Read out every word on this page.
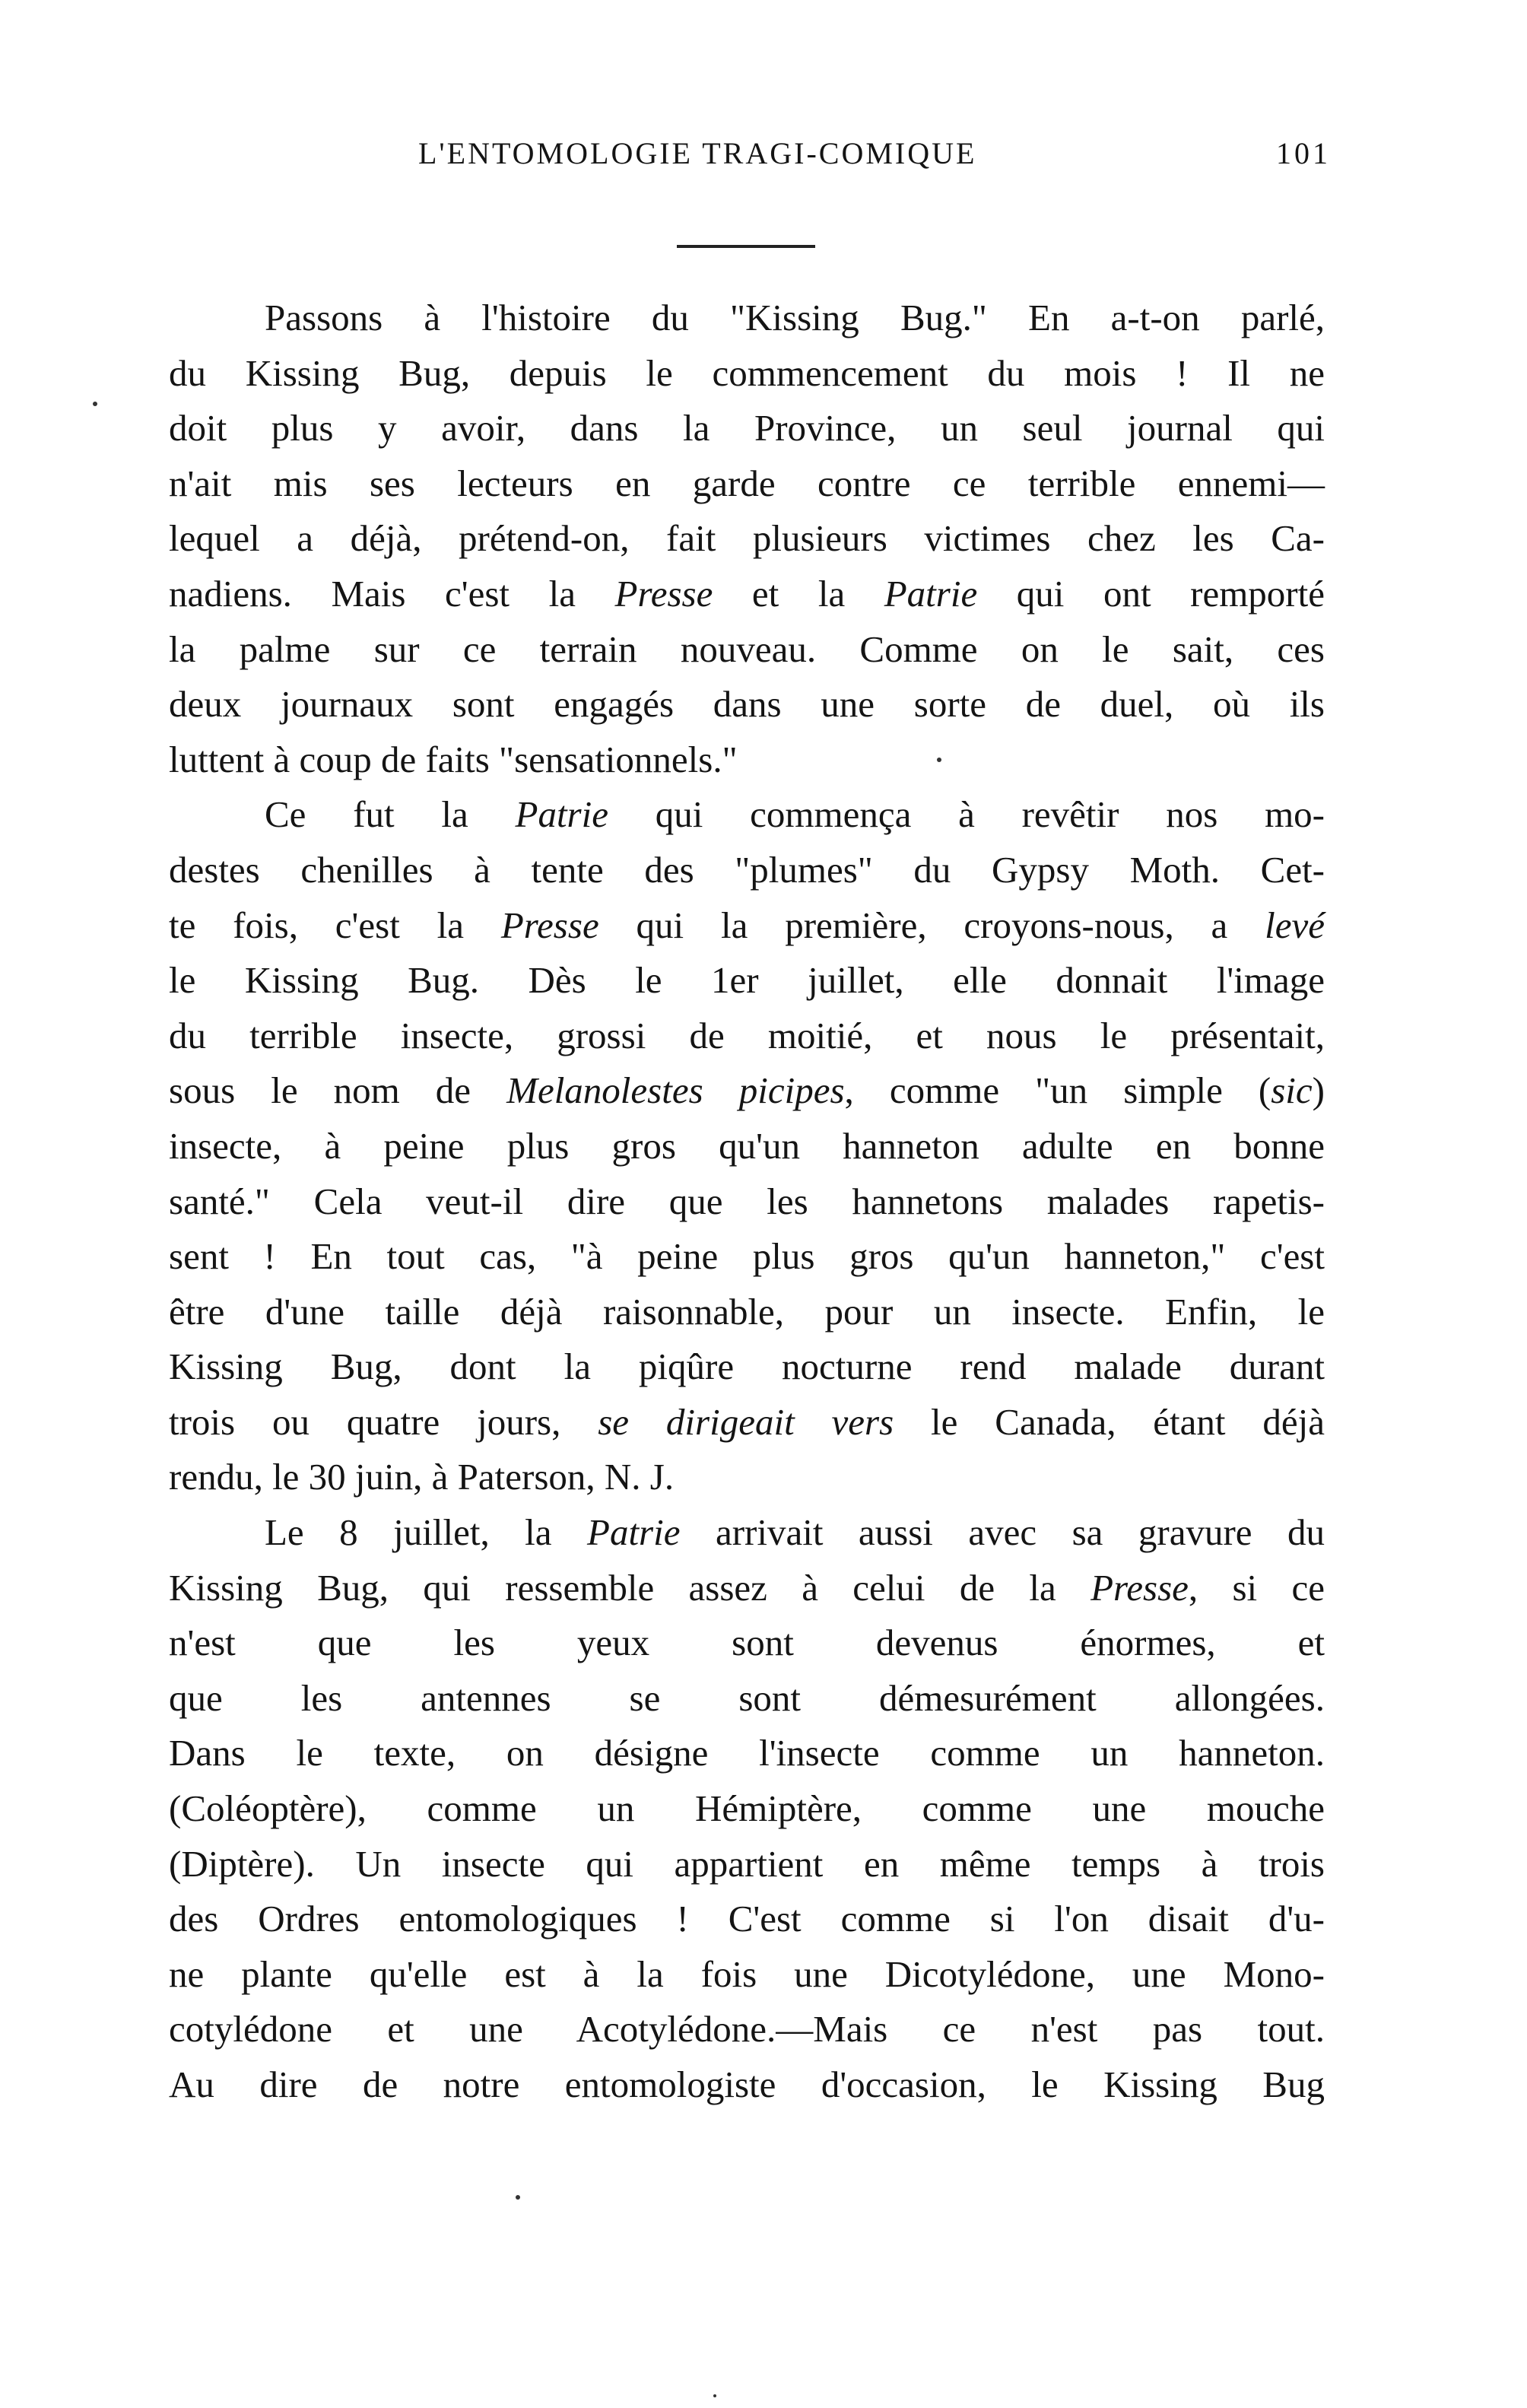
L'ENTOMOLOGIE TRAGI-COMIQUE	101
Passons à l'histoire du "Kissing Bug." En a-t-on parlé,
du Kissing Bug, depuis le commencement du mois ! Il ne
doit plus y avoir, dans la Province, un seul journal qui
n'ait mis ses lecteurs en garde contre ce terrible ennemi—
lequel a déjà, prétend-on, fait plusieurs victimes chez les Ca-
nadiens. Mais c'est la Presse et la Patrie qui ont remporté
la palme sur ce terrain nouveau. Comme on le sait, ces
deux journaux sont engagés dans une sorte de duel, où ils
luttent à coup de faits "sensationnels."
Ce fut la Patrie qui commença à revêtir nos mo-
destes chenilles à tente des "plumes" du Gypsy Moth. Cet-
te fois, c'est la Presse qui la première, croyons-nous, a levé
le Kissing Bug. Dès le 1er juillet, elle donnait l'image
du terrible insecte, grossi de moitié, et nous le présentait,
sous le nom de Melanolestes picipes, comme "un simple (sic)
insecte, à peine plus gros qu'un hanneton adulte en bonne
santé." Cela veut-il dire que les hannetons malades rapetis-
sent ! En tout cas, "à peine plus gros qu'un hanneton," c'est
être d'une taille déjà raisonnable, pour un insecte. Enfin, le
Kissing Bug, dont la piqûre nocturne rend malade durant
trois ou quatre jours, se dirigeait vers le Canada, étant déjà
rendu, le 30 juin, à Paterson, N. J.
Le 8 juillet, la Patrie arrivait aussi avec sa gravure du
Kissing Bug, qui ressemble assez à celui de la Presse, si ce
n'est que les yeux sont devenus énormes, et
que les antennes se sont démesurément allongées.
Dans le texte, on désigne l'insecte comme un hanneton.
(Coléoptère), comme un Hémiptère, comme une mouche
(Diptère). Un insecte qui appartient en même temps à trois
des Ordres entomologiques ! C'est comme si l'on disait d'u-
ne plante qu'elle est à la fois une Dicotylédone, une Mono-
cotylédone et une Acotylédone.—Mais ce n'est pas tout.
Au dire de notre entomologiste d'occasion, le Kissing Bug
